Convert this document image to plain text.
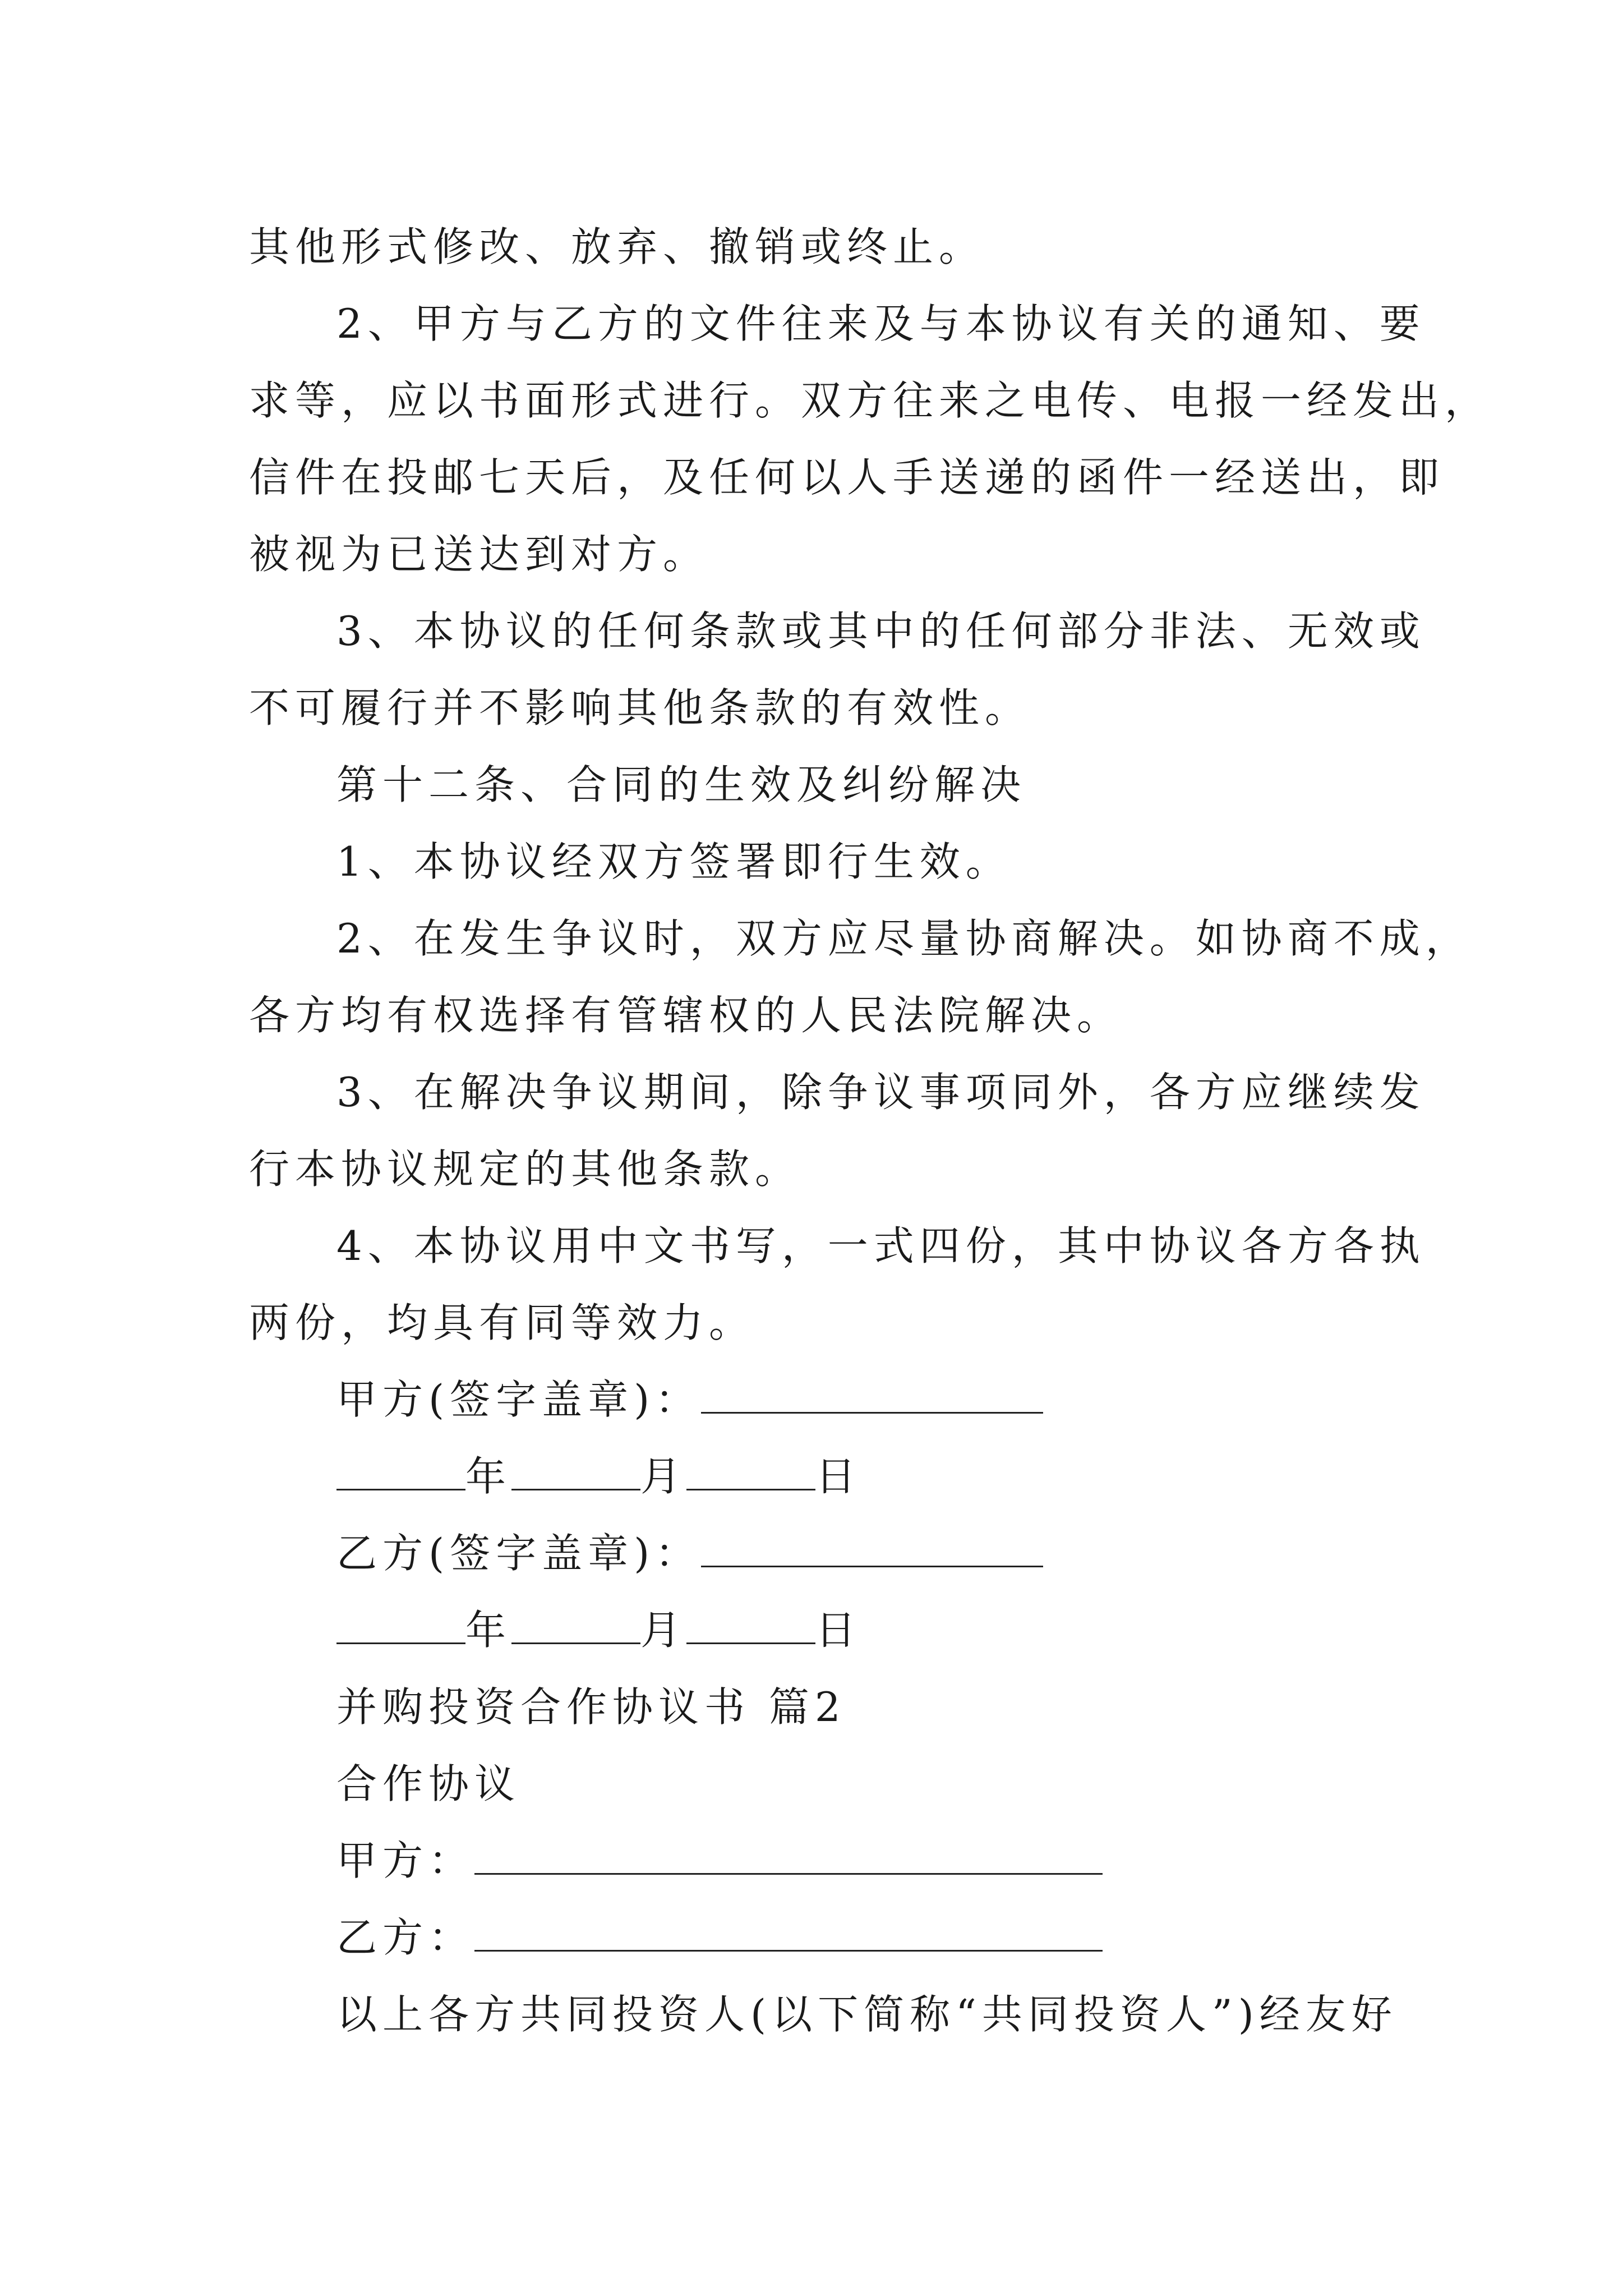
其他形式修改、放弃、撤销或终止。
2、甲方与乙方的文件往来及与本协议有关的通知、要
求等，应以书面形式进行。双方往来之电传、电报一经发出，
信件在投邮七天后，及任何以人手送递的函件一经送出，即
被视为已送达到对方。
3、本协议的任何条款或其中的任何部分非法、无效或
不可履行并不影响其他条款的有效性。
第十二条、合同的生效及纠纷解决
1、本协议经双方签署即行生效。
2、在发生争议时，双方应尽量协商解决。如协商不成，
各方均有权选择有管辖权的人民法院解决。
3、在解决争议期间，除争议事项同外，各方应继续发
行本协议规定的其他条款。
4、本协议用中文书写，一式四份，其中协议各方各执
两份，均具有同等效力。
甲方(签字盖章)：
年	月	日
乙方(签字盖章)：
年	月	日
并购投资合作协议书 篇2
合作协议
甲方：
乙方：
以上各方共同投资人(以下简称“共同投资人”)经友好
